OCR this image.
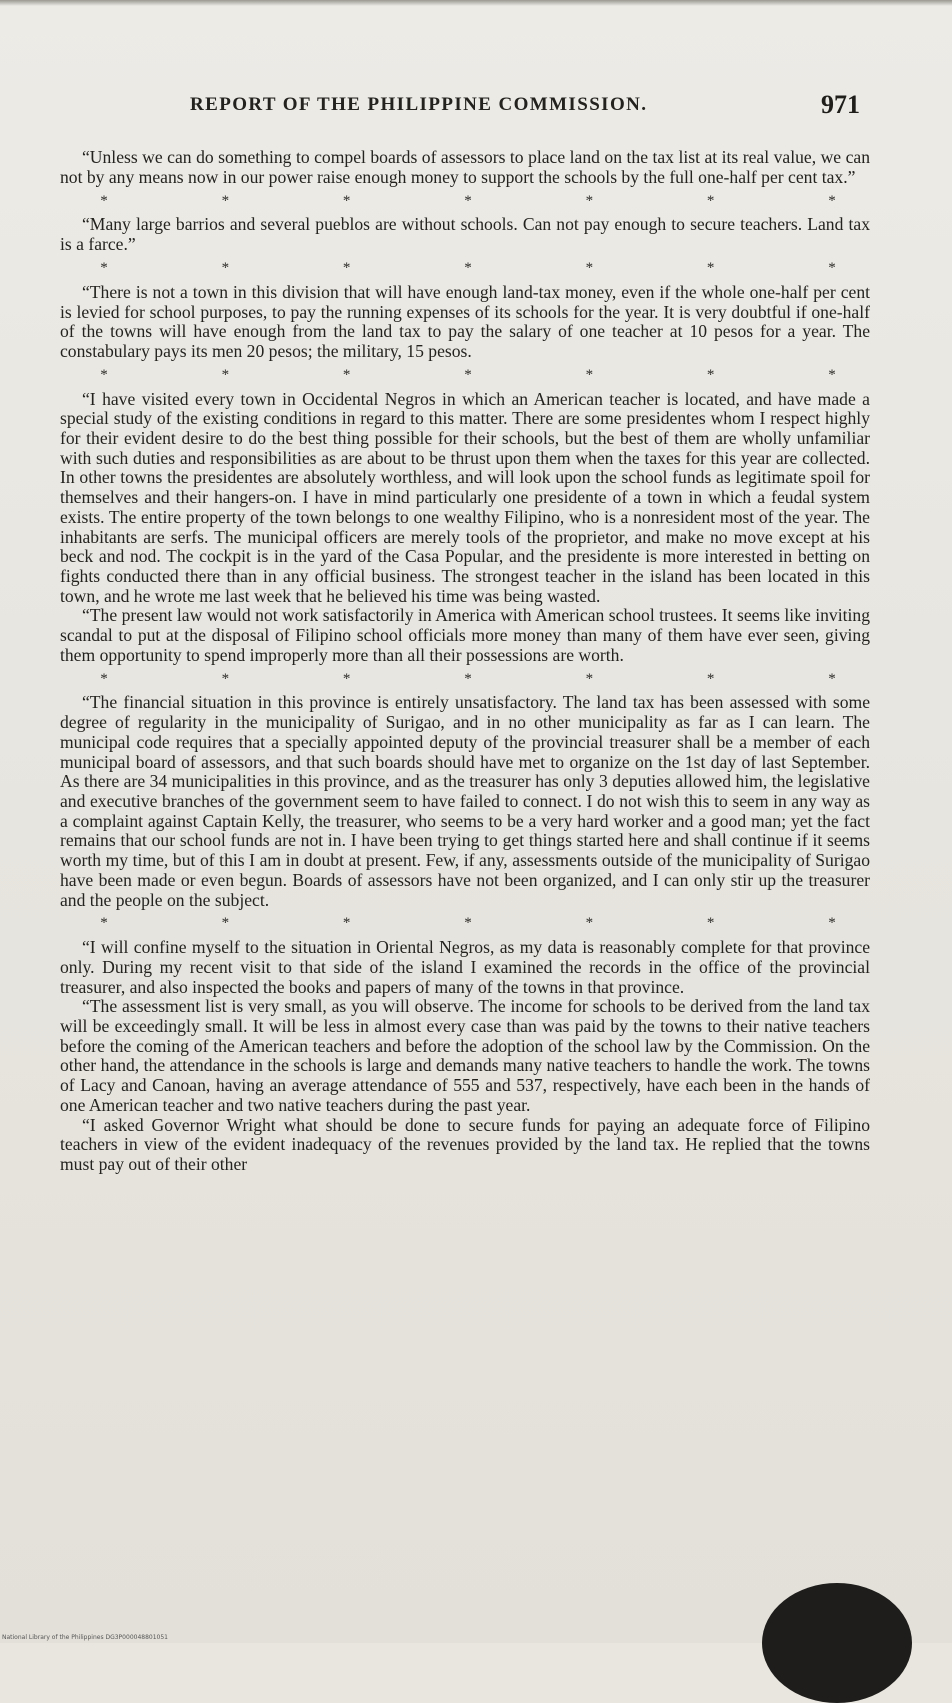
REPORT OF THE PHILIPPINE COMMISSION.	971

“Unless we can do something to compel boards of assessors to place land on the tax list at its real value, we can not by any means now in our power raise enough money to support the schools by the full one-half per cent tax.”

*	*	*	*	*	*	*

“Many large barrios and several pueblos are without schools. Can not pay enough to secure teachers. Land tax is a farce.”

*	*	*	*	*	*	*

“There is not a town in this division that will have enough land-tax money, even if the whole one-half per cent is levied for school purposes, to pay the running expenses of its schools for the year. It is very doubtful if one-half of the towns will have enough from the land tax to pay the salary of one teacher at 10 pesos for a year. The constabulary pays its men 20 pesos; the military, 15 pesos.

*	*	*	*	*	*	*

“I have visited every town in Occidental Negros in which an American teacher is located, and have made a special study of the existing conditions in regard to this matter. There are some presidentes whom I respect highly for their evident desire to do the best thing possible for their schools, but the best of them are wholly unfamiliar with such duties and responsibilities as are about to be thrust upon them when the taxes for this year are collected. In other towns the presidentes are absolutely worthless, and will look upon the school funds as legitimate spoil for themselves and their hangers-on. I have in mind particularly one presidente of a town in which a feudal system exists. The entire property of the town belongs to one wealthy Filipino, who is a nonresident most of the year. The inhabitants are serfs. The municipal officers are merely tools of the proprietor, and make no move except at his beck and nod. The cockpit is in the yard of the Casa Popular, and the presidente is more interested in betting on fights conducted there than in any official business. The strongest teacher in the island has been located in this town, and he wrote me last week that he believed his time was being wasted.

“The present law would not work satisfactorily in America with American school trustees. It seems like inviting scandal to put at the disposal of Filipino school officials more money than many of them have ever seen, giving them opportunity to spend improperly more than all their possessions are worth.

*	*	*	*	*	*	*

“The financial situation in this province is entirely unsatisfactory. The land tax has been assessed with some degree of regularity in the municipality of Surigao, and in no other municipality as far as I can learn. The municipal code requires that a specially appointed deputy of the provincial treasurer shall be a member of each municipal board of assessors, and that such boards should have met to organize on the 1st day of last September. As there are 34 municipalities in this province, and as the treasurer has only 3 deputies allowed him, the legislative and executive branches of the government seem to have failed to connect. I do not wish this to seem in any way as a complaint against Captain Kelly, the treasurer, who seems to be a very hard worker and a good man; yet the fact remains that our school funds are not in. I have been trying to get things started here and shall continue if it seems worth my time, but of this I am in doubt at present. Few, if any, assessments outside of the municipality of Surigao have been made or even begun. Boards of assessors have not been organized, and I can only stir up the treasurer and the people on the subject.

*	*	*	*	*	*	*

“I will confine myself to the situation in Oriental Negros, as my data is reasonably complete for that province only. During my recent visit to that side of the island I examined the records in the office of the provincial treasurer, and also inspected the books and papers of many of the towns in that province.

“The assessment list is very small, as you will observe. The income for schools to be derived from the land tax will be exceedingly small. It will be less in almost every case than was paid by the towns to their native teachers before the coming of the American teachers and before the adoption of the school law by the Commission. On the other hand, the attendance in the schools is large and demands many native teachers to handle the work. The towns of Lacy and Canoan, having an average attendance of 555 and 537, respectively, have each been in the hands of one American teacher and two native teachers during the past year.

“I asked Governor Wright what should be done to secure funds for paying an adequate force of Filipino teachers in view of the evident inadequacy of the revenues provided by the land tax. He replied that the towns must pay out of their other

National Library of the Philippines DG3P000048801051
